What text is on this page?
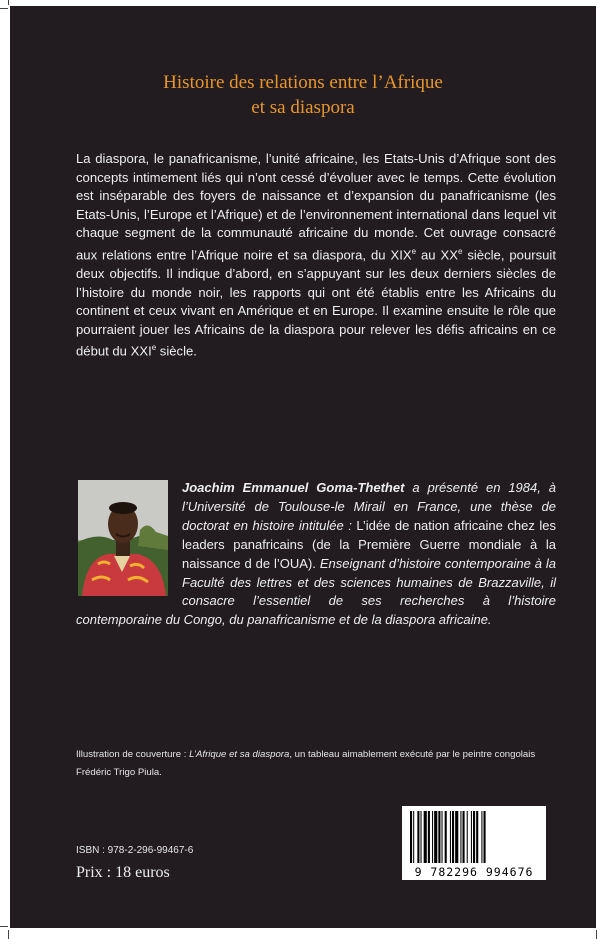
Histoire des relations entre l’Afrique
et sa diaspora

La diaspora, le panafricanisme, l’unité africaine, les Etats-Unis d’Afrique sont des concepts intimement liés qui n’ont cessé d’évoluer avec le temps. Cette évolution est inséparable des foyers de naissance et d’expansion du panafricanisme (les Etats-Unis, l’Europe et l’Afrique) et de l’environnement international dans lequel vit chaque segment de la communauté africaine du monde. Cet ouvrage consacré aux relations entre l’Afrique noire et sa diaspora, du XIXe au XXe siècle, poursuit deux objectifs. Il indique d’abord, en s’appuyant sur les deux derniers siècles de l’histoire du monde noir, les rapports qui ont été établis entre les Africains du continent et ceux vivant en Amérique et en Europe. Il examine ensuite le rôle que pourraient jouer les Africains de la diaspora pour relever les défis africains en ce début du XXIe siècle.

Joachim Emmanuel Goma-Thethet a présenté en 1984, à l’Université de Toulouse-le Mirail en France, une thèse de doctorat en histoire intitulée : L’idée de nation africaine chez les leaders panafricains (de la Première Guerre mondiale à la naissance d de l’OUA). Enseignant d’histoire contemporaine à la Faculté des lettres et des sciences humaines de Brazzaville, il consacre l’essentiel de ses recherches à l’histoire contemporaine du Congo, du panafricanisme et de la diaspora africaine.

Illustration de couverture : L’Afrique et sa diaspora, un tableau aimablement exécuté par le peintre congolais Frédéric Trigo Piula.

ISBN : 978-2-296-99467-6

Prix : 18 euros	9 782296 994676
